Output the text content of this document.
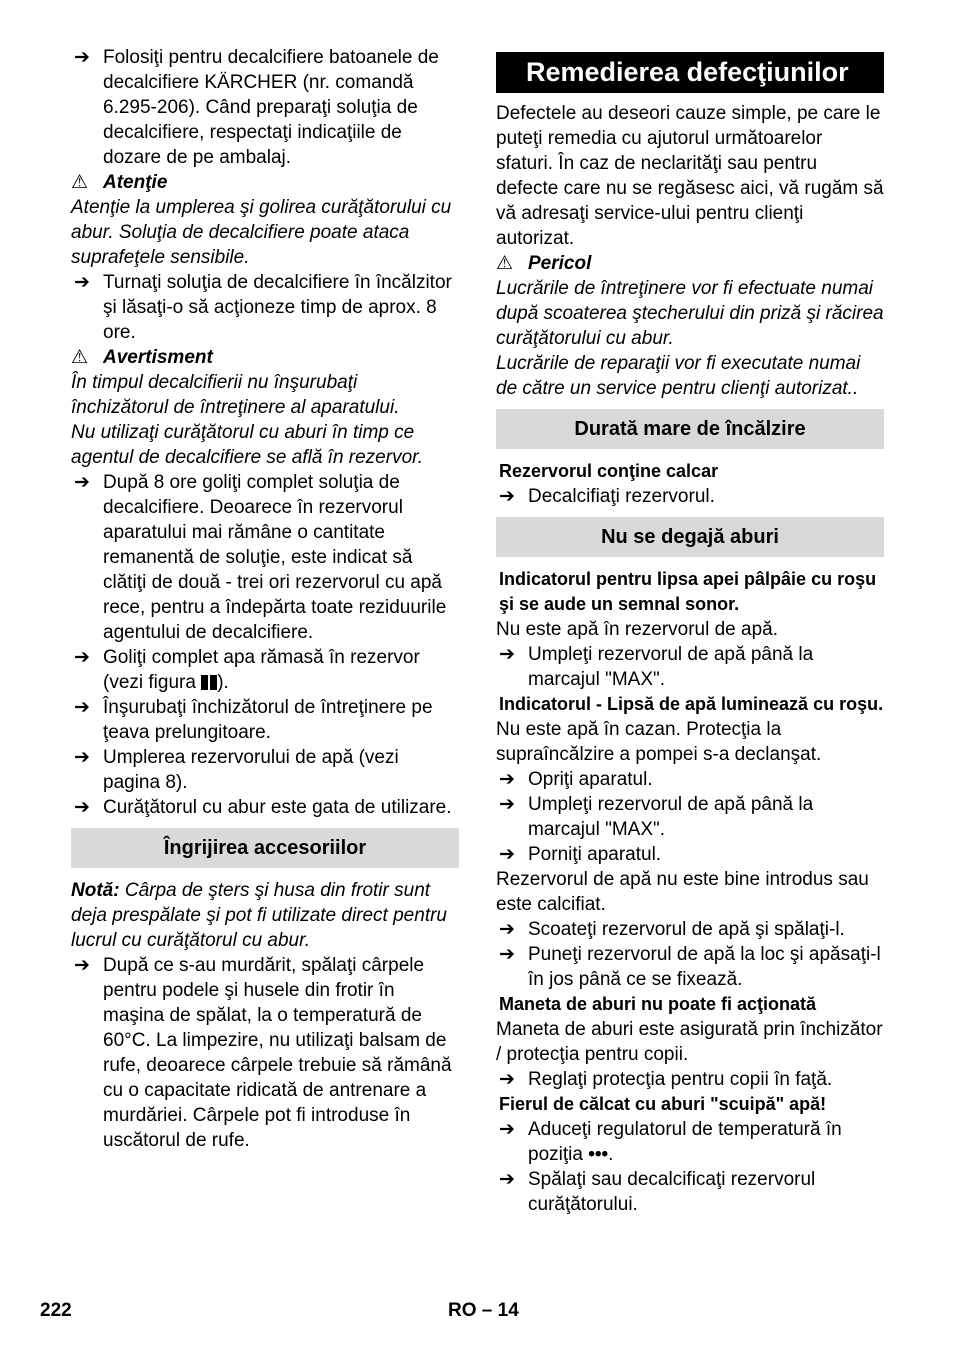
➔ Folosiţi pentru decalcifiere batoanele de decalcifiere KÄRCHER (nr. comandă 6.295-206). Când preparaţi soluţia de decalcifiere, respectaţi indicaţiile de dozare de pe ambalaj.
⚠ Atenţie

Atenţie la umplerea şi golirea curăţătorului cu abur. Soluţia de decalcifiere poate ataca suprafeţele sensibile.

➔ Turnaţi soluţia de decalcifiere în încălzitor şi lăsaţi-o să acţioneze timp de aprox. 8 ore.
⚠ Avertisment

În timpul decalcifierii nu înşurubaţi închizătorul de întreţinere al aparatului.

Nu utilizaţi curăţătorul cu aburi în timp ce agentul de decalcifiere se află în rezervor.

➔ După 8 ore goliţi complet soluţia de decalcifiere. Deoarece în rezervorul aparatului mai rămâne o cantitate remanentă de soluţie, este indicat să clătiţi de două - trei ori rezervorul cu apă rece, pentru a îndepărta toate reziduurile agentului de decalcifiere.
➔ Goliţi complet apa rămasă în rezervor (vezi figura ).
➔ Înşurubaţi închizătorul de întreţinere pe ţeava prelungitoare.
➔ Umplerea rezervorului de apă (vezi pagina 8).
➔ Curăţătorul cu abur este gata de utilizare.
Îngrijirea accesoriilor

Notă: Cârpa de şters şi husa din frotir sunt deja prespălate şi pot fi utilizate direct pentru lucrul cu curăţătorul cu abur.

➔ După ce s-au murdărit, spălaţi cârpele pentru podele şi husele din frotir în maşina de spălat, la o temperatură de 60°C. La limpezire, nu utilizaţi balsam de rufe, deoarece cârpele trebuie să rămână cu o capacitate ridicată de antrenare a murdăriei. Cârpele pot fi introduse în uscătorul de rufe.
Remedierea defecţiunilor

Defectele au deseori cauze simple, pe care le puteţi remedia cu ajutorul următoarelor sfaturi. În caz de neclarităţi sau pentru defecte care nu se regăsesc aici, vă rugăm să vă adresaţi service-ului pentru clienţi autorizat.

⚠ Pericol

Lucrările de întreţinere vor fi efectuate numai după scoaterea ştecherului din priză şi răcirea curăţătorului cu abur.

Lucrările de reparaţii vor fi executate numai de către un service pentru clienţi autorizat..

Durată mare de încălzire
Rezervorul conţine calcar
➔ Decalcifiaţi rezervorul.
Nu se degajă aburi
Indicatorul pentru lipsa apei pâlpâie cu roşu şi se aude un semnal sonor.

Nu este apă în rezervorul de apă.

➔ Umpleţi rezervorul de apă până la marcajul "MAX".
Indicatorul - Lipsă de apă luminează cu roşu.

Nu este apă în cazan. Protecţia la supraîncălzire a pompei s-a declanşat.

➔ Opriţi aparatul.
➔ Umpleţi rezervorul de apă până la marcajul "MAX".
➔ Porniţi aparatul.

Rezervorul de apă nu este bine introdus sau este calcifiat.

➔ Scoateţi rezervorul de apă şi spălaţi-l.
➔ Puneţi rezervorul de apă la loc şi apăsaţi-l în jos până ce se fixează.
Maneta de aburi nu poate fi acţionată

Maneta de aburi este asigurată prin închizător / protecţia pentru copii.

➔ Reglaţi protecţia pentru copii în faţă.
Fierul de călcat cu aburi "scuipă" apă!
➔ Aduceţi regulatorul de temperatură în poziţia •••.
➔ Spălaţi sau decalcificaţi rezervorul curăţătorului.
222	RO – 14
